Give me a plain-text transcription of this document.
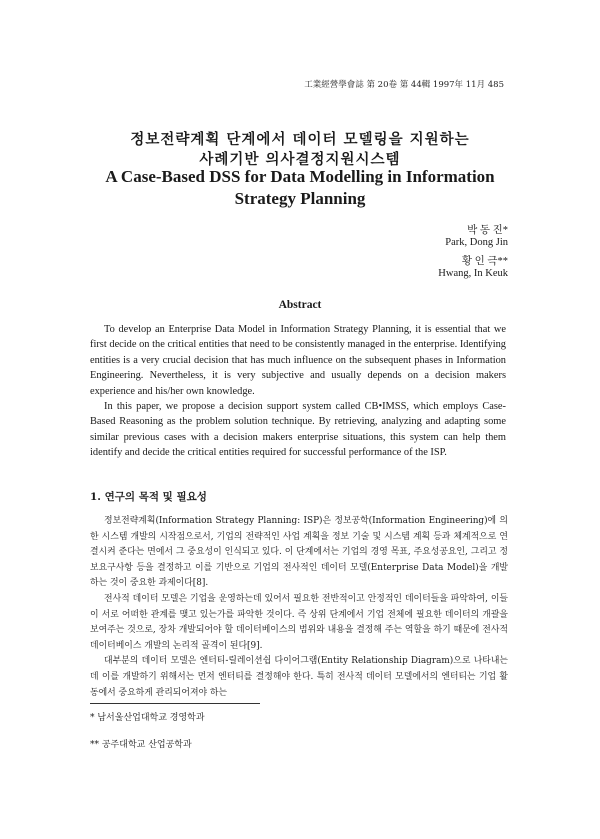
工業經營學會誌 第 20卷 第 44輯 1997年 11月 485
정보전략계획 단계에서 데이터 모델링을 지원하는
사례기반 의사결정지원시스템
A Case-Based DSS for Data Modelling in Information
Strategy Planning
박 동 진*
Park, Dong Jin
황 인 극**
Hwang, In Keuk
Abstract

To develop an Enterprise Data Model in Information Strategy Planning, it is essential that we first decide on the critical entities that need to be consistently managed in the enterprise. Identifying entities is a very crucial decision that has much influence on the subsequent phases in Information Engineering. Nevertheless, it is very subjective and usually depends on a decision makers experience and his/her own knowledge.

In this paper, we propose a decision support system called CB•IMSS, which employs Case-Based Reasoning as the problem solution technique. By retrieving, analyzing and adapting some similar previous cases with a decision makers enterprise situations, this system can help them identify and decide the critical entities required for successful performance of the ISP.

1. 연구의 목적 및 필요성

정보전략계획(Information Strategy Planning: ISP)은 정보공학(Information Engineering)에 의한 시스템 개발의 시작점으로서, 기업의 전략적인 사업 계획을 정보 기술 및 시스템 계획 등과 체계적으로 연결시켜 준다는 면에서 그 중요성이 인식되고 있다. 이 단계에서는 기업의 경영 목표, 주요성공요인, 그리고 정보요구사항 등을 결정하고 이를 기반으로 기업의 전사적인 데이터 모델(Enterprise Data Model)을 개발하는 것이 중요한 과제이다[8].

전사적 데이터 모델은 기업을 운영하는데 있어서 필요한 전반적이고 안정적인 데이터들을 파악하여, 이들이 서로 어떠한 관계를 맺고 있는가를 파악한 것이다. 즉 상위 단계에서 기업 전체에 필요한 데이터의 개괄을 보여주는 것으로, 장차 개발되어야 할 데이터베이스의 범위와 내용을 결정해 주는 역할을 하기 때문에 전사적 데이터베이스 개발의 논리적 골격이 된다[9].

대부분의 데이터 모델은 엔터티-릴레이션쉽 다이어그램(Entity Relationship Diagram)으로 나타내는데 이를 개발하기 위해서는 먼저 엔터티를 결정해야 한다. 특히 전사적 데이터 모델에서의 엔터티는 기업 활동에서 중요하게 관리되어져야 하는

* 남서울산업대학교 경영학과
** 공주대학교 산업공학과
